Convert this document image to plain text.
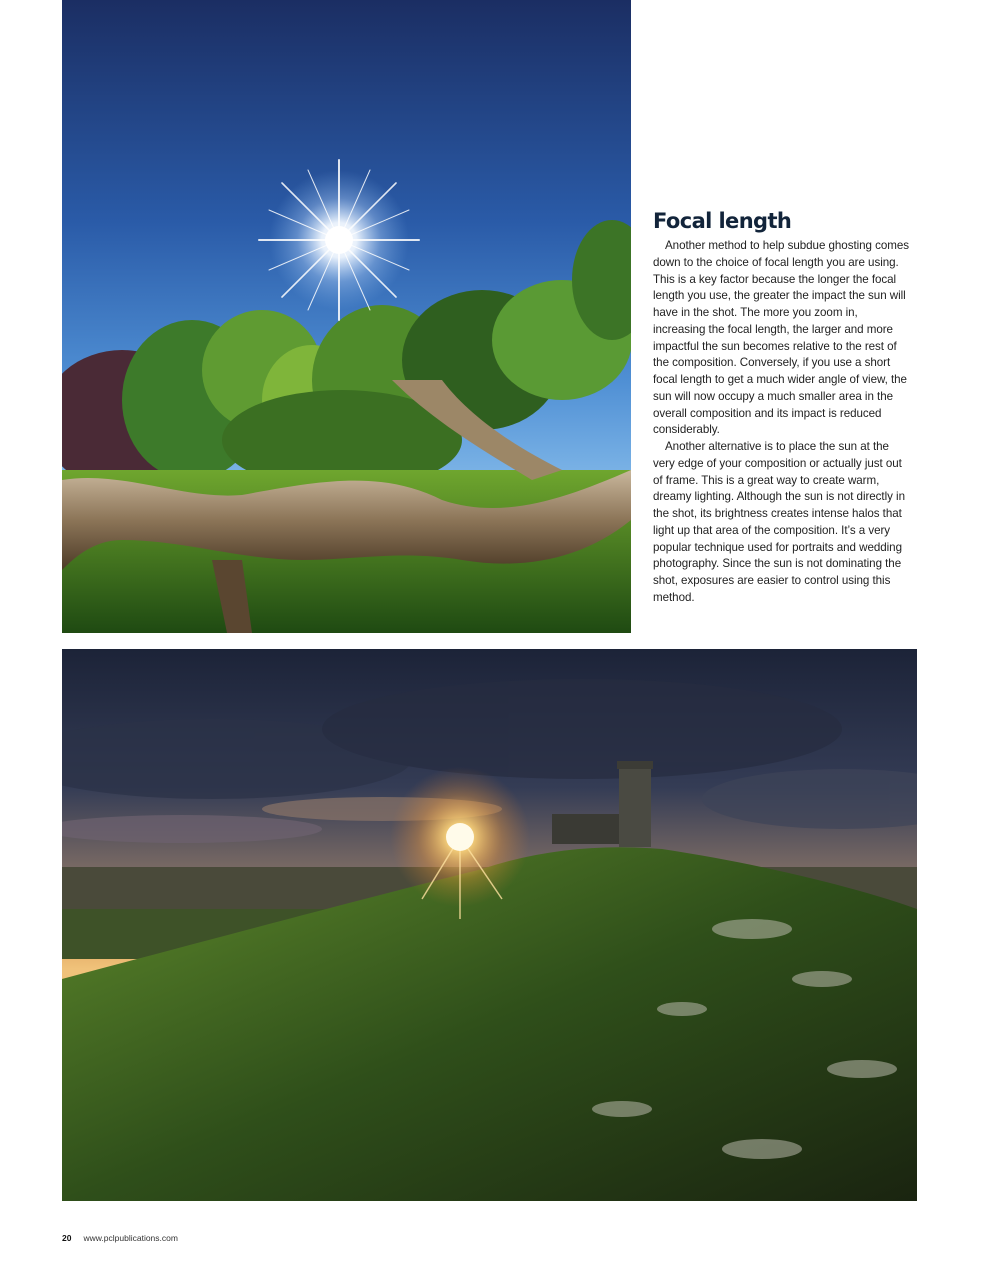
Focal length

Another method to help subdue ghosting comes down to the choice of focal length you are using. This is a key factor because the longer the focal length you use, the greater the impact the sun will have in the shot. The more you zoom in, increasing the focal length, the larger and more impactful the sun becomes relative to the rest of the composition. Conversely, if you use a short focal length to get a much wider angle of view, the sun will now occupy a much smaller area in the overall composition and its impact is reduced considerably.

Another alternative is to place the sun at the very edge of your composition or actually just out of frame. This is a great way to create warm, dreamy lighting. Although the sun is not directly in the shot, its brightness creates intense halos that light up that area of the composition. It’s a very popular technique used for portraits and wedding photography. Since the sun is not dominating the shot, exposures are easier to control using this method.

20 www.pclpublications.com
